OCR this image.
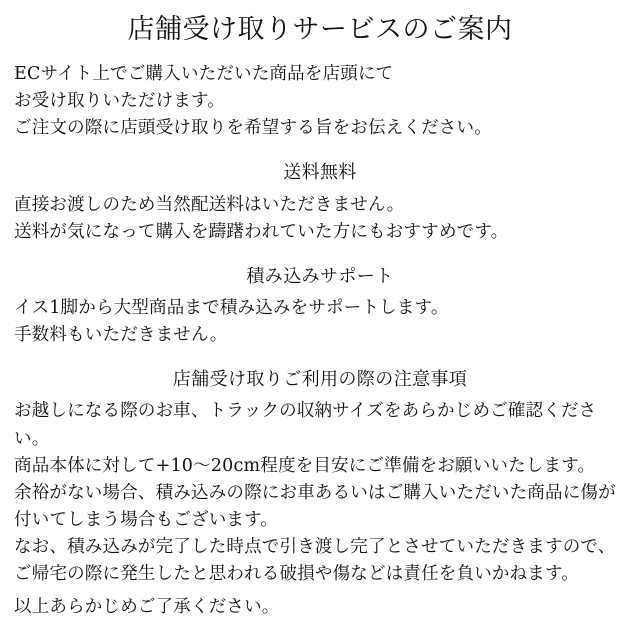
店舗受け取りサービスのご案内

ECサイト上でご購入いただいた商品を店頭にて
お受け取りいただけます。
ご注文の際に店頭受け取りを希望する旨をお伝えください。

送料無料

直接お渡しのため当然配送料はいただきません。
送料が気になって購入を躊躇われていた方にもおすすめです。

積み込みサポート

イス1脚から大型商品まで積み込みをサポートします。
手数料もいただきません。

店舗受け取りご利用の際の注意事項

お越しになる際のお車、トラックの収納サイズをあらかじめご確認ください。
商品本体に対して+10〜20cm程度を目安にご準備をお願いいたします。
余裕がない場合、積み込みの際にお車あるいはご購入いただいた商品に傷が付いてしまう場合もございます。
なお、積み込みが完了した時点で引き渡し完了とさせていただきますので、ご帰宅の際に発生したと思われる破損や傷などは責任を負いかねます。

以上あらかじめご了承ください。
